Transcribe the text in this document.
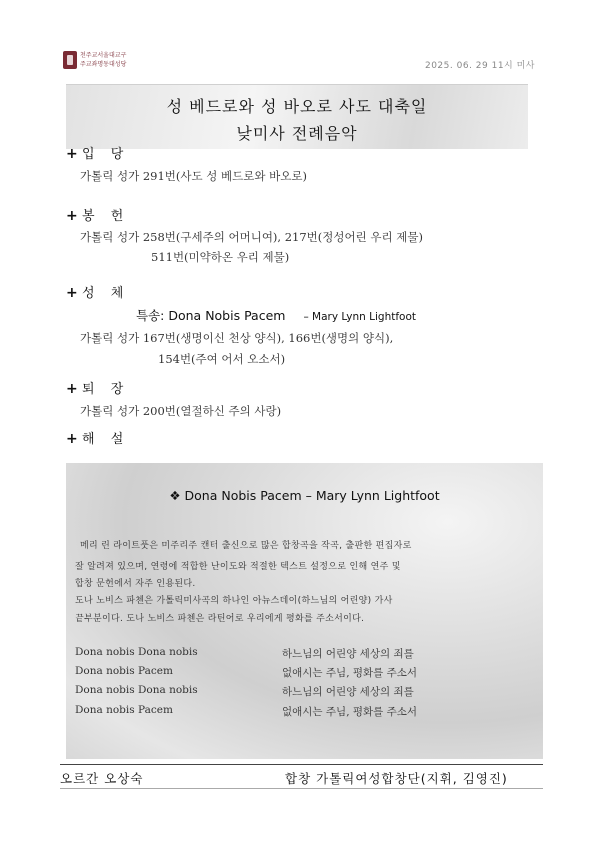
천주교서울대교구
주교좌명동대성당	2025. 06. 29 11시 미사
성 베드로와 성 바오로 사도 대축일
낮미사 전례음악
+ 입 당
가톨릭 성가 291번(사도 성 베드로와 바오로)
+ 봉 헌
가톨릭 성가 258번(구세주의 어머니여), 217번(정성어린 우리 제물)
511번(미약하온 우리 제물)
+ 성 체
특송: Dona Nobis Pacem – Mary Lynn Lightfoot
가톨릭 성가 167번(생명이신 천상 양식), 166번(생명의 양식),
154번(주여 어서 오소서)
+ 퇴 장
가톨릭 성가 200번(열절하신 주의 사랑)
+ 해 설
❖ Dona Nobis Pacem – Mary Lynn Lightfoot
메리 린 라이트풋은 미주리주 캔터 출신으로 많은 합창곡을 작곡, 출판한 편집자로
잘 알려져 있으며, 연령에 적합한 난이도와 적절한 텍스트 설정으로 인해 연주 및
합창 문헌에서 자주 인용된다.
도나 노비스 파첸은 가톨릭미사곡의 하나인 아뉴스데이(하느님의 어린양) 가사
끝부분이다. 도나 노비스 파첸은 라틴어로 우리에게 평화를 주소서이다.
Dona nobis Dona nobis	하느님의 어린양 세상의 죄를
Dona nobis Pacem	없애시는 주님, 평화를 주소서
Dona nobis Dona nobis	하느님의 어린양 세상의 죄를
Dona nobis Pacem	없애시는 주님, 평화를 주소서
오르간 오상숙	합창 가톨릭여성합창단(지휘, 김영진)
